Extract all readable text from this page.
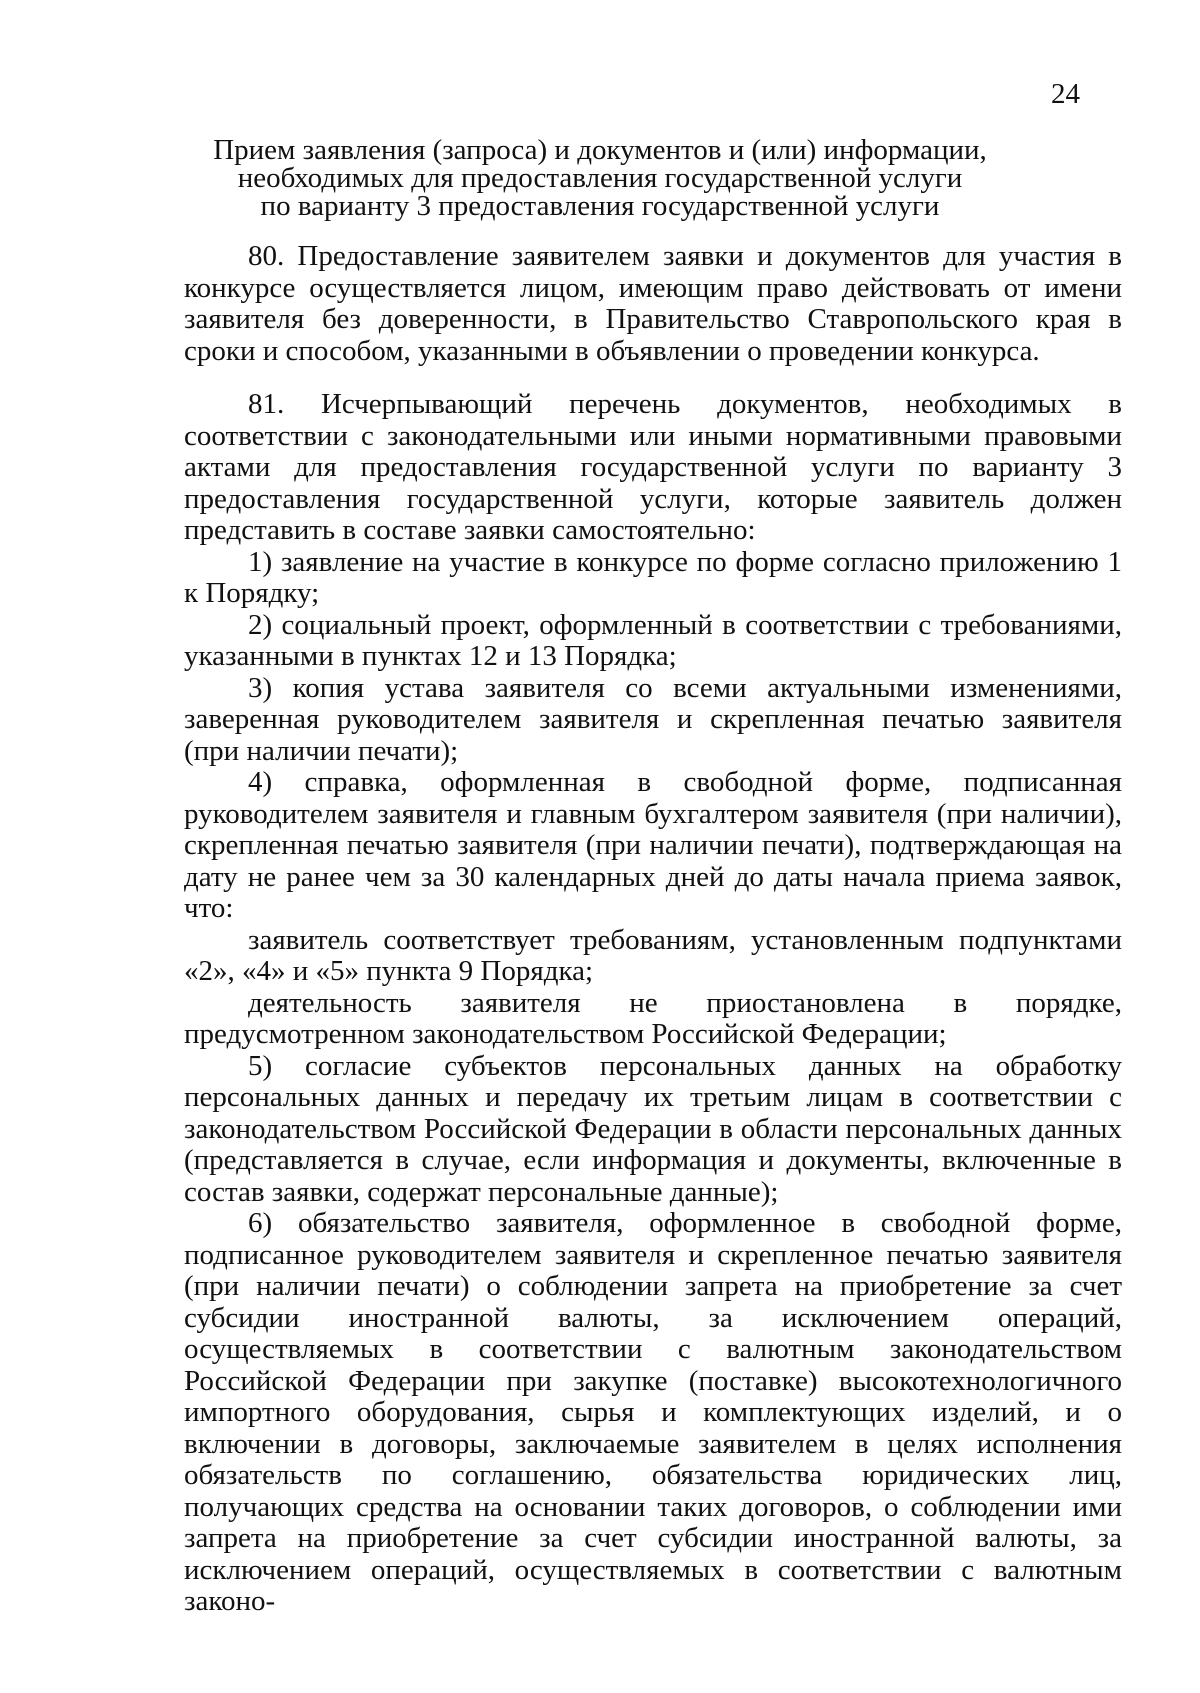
24
Прием заявления (запроса) и документов и (или) информации,
необходимых для предоставления государственной услуги
по варианту 3 предоставления государственной услуги

80. Предоставление заявителем заявки и документов для участия в конкурсе осуществляется лицом, имеющим право действовать от имени заявителя без доверенности, в Правительство Ставропольского края в сроки и способом, указанными в объявлении о проведении конкурса.

81. Исчерпывающий перечень документов, необходимых в соответствии с законодательными или иными нормативными правовыми актами для предоставления государственной услуги по варианту 3 предоставления государственной услуги, которые заявитель должен представить в составе заявки самостоятельно:

1) заявление на участие в конкурсе по форме согласно приложению 1 к Порядку;

2) социальный проект, оформленный в соответствии с требованиями, указанными в пунктах 12 и 13 Порядка;

3) копия устава заявителя со всеми актуальными изменениями, заверенная руководителем заявителя и скрепленная печатью заявителя (при наличии печати);

4) справка, оформленная в свободной форме, подписанная руководителем заявителя и главным бухгалтером заявителя (при наличии), скрепленная печатью заявителя (при наличии печати), подтверждающая на дату не ранее чем за 30 календарных дней до даты начала приема заявок, что:

заявитель соответствует требованиям, установленным подпунктами «2», «4» и «5» пункта 9 Порядка;

деятельность заявителя не приостановлена в порядке, предусмотренном законодательством Российской Федерации;

5) согласие субъектов персональных данных на обработку персональных данных и передачу их третьим лицам в соответствии с законодательством Российской Федерации в области персональных данных (представляется в случае, если информация и документы, включенные в состав заявки, содержат персональные данные);

6) обязательство заявителя, оформленное в свободной форме, подписанное руководителем заявителя и скрепленное печатью заявителя (при наличии печати) о соблюдении запрета на приобретение за счет субсидии иностранной валюты, за исключением операций, осуществляемых в соответствии с валютным законодательством Российской Федерации при закупке (поставке) высокотехнологичного импортного оборудования, сырья и комплектующих изделий, и о включении в договоры, заключаемые заявителем в целях исполнения обязательств по соглашению, обязательства юридических лиц, получающих средства на основании таких договоров, о соблюдении ими запрета на приобретение за счет субсидии иностранной валюты, за исключением операций, осуществляемых в соответствии с валютным законо-
